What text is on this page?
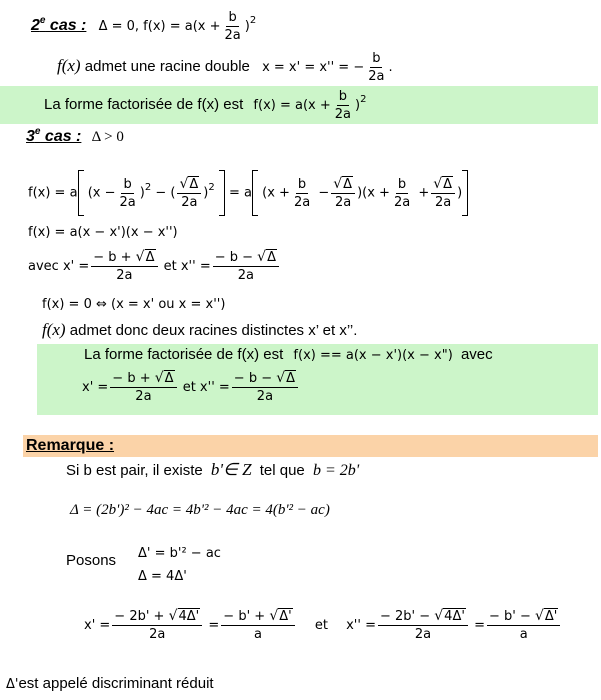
2e cas : Δ = 0, $f(x) = a(x + \frac{b}{2a} )^2$
f(x) admet une racine double x = x' = x'' = − $\frac{b}{2a}$ .
La forme factorisée de f(x) est $f(x) = a(x + \frac{b}{2a} )^2$
3e cas : Δ > 0
f(x) = a $(x - \frac{b}{2a} )^2$ − ( $\frac{√\Delta}{2a} )^2 = a$ $(x + \frac{b}{2a} - \frac{√\Delta}{2a} )(x + \frac{b}{2a} + \frac{√\Delta}{2a}$ )
f(x) = a(x − x')(x − x'')
avec $x' = \frac{- b + √\Delta}{2a}$ et $x'' = \frac{- b - √\Delta}{2a}$
f(x) = 0 ⇔ (x = x' ou x = x'')
f(x) admet donc deux racines distinctes x’ et x’’.
La forme factorisée de f(x) est f(x) == a(x − x')(x − x") avec
$x' = \frac{- b + √\Delta}{2a}$ et $x'' = \frac{- b - √\Delta}{2a}$
Remarque :
Si b est pair, il existe b'∈ Z tel que b = 2b'
Δ = (2b')² − 4ac = 4b'² − 4ac = 4(b'² − ac)
Posons Δ' = b'² − ac
Δ = 4Δ'
$x' = \frac{- 2b' + √4\Delta'}{2a} = \frac{- b' + √\Delta'}{a}$ et $x'' = \frac{- 2b' - √4\Delta'}{2a} = \frac{- b' - √\Delta'}{a}$
Δ'est appelé discriminant réduit
